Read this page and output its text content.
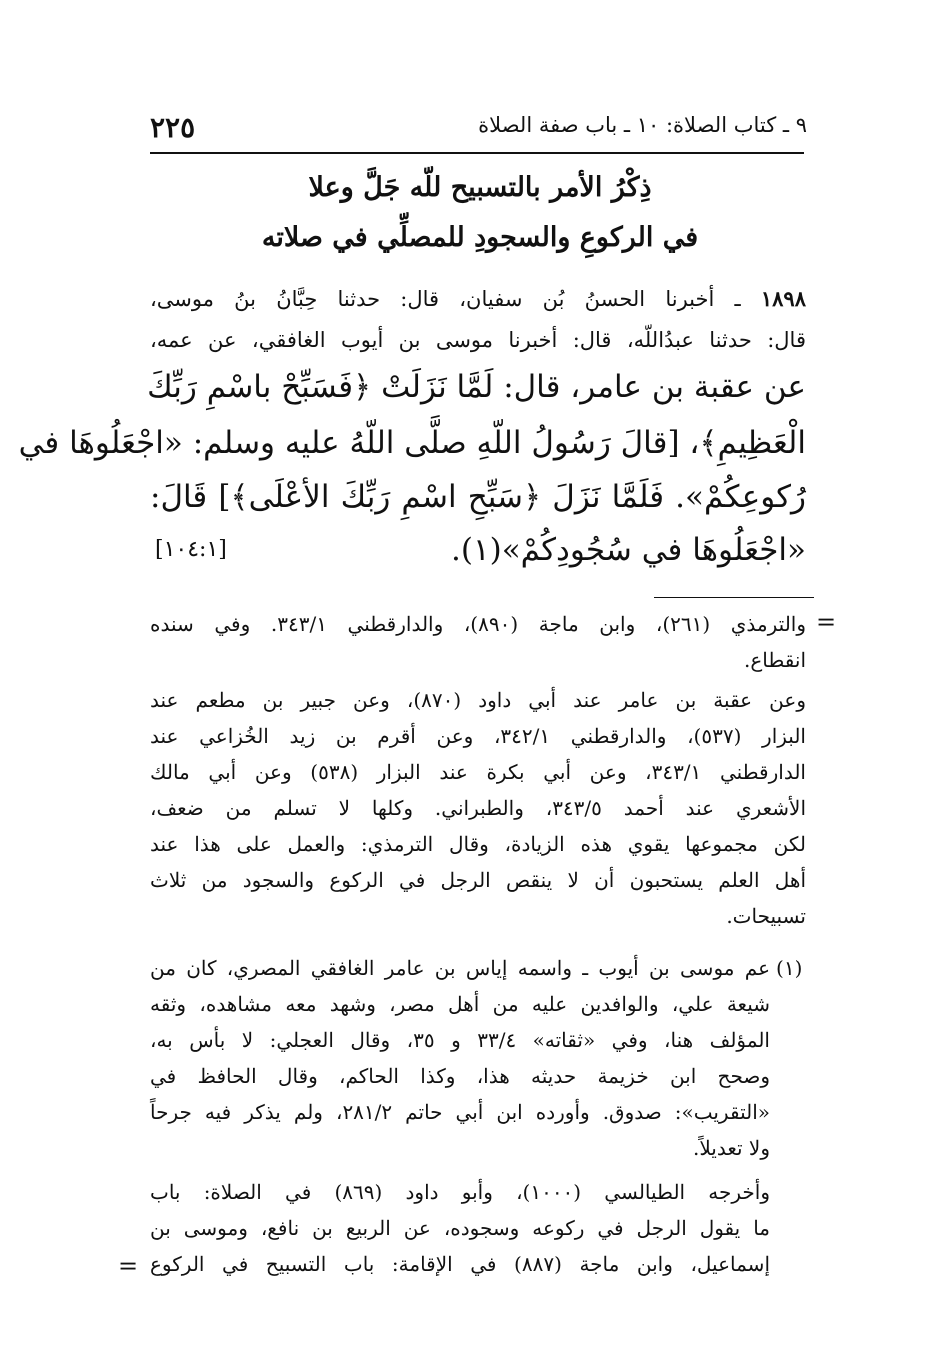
٩ ـ كتاب الصلاة: ١٠ ـ باب صفة الصلاة
٢٢٥
ذِكْرُ الأمر بالتسبيح للّه جَلَّ وعلا
في الركوعِ والسجودِ للمصلِّي في صلاته
١٨٩٨ ـ أخبرنا الحسنُ بُن سفيان، قال: حدثنا حِبَّانُ بنُ موسى،
قال: حدثنا عبدُاللّه، قال: أخبرنا موسى بن أيوب الغافقي، عن عمه،
عن عقبة بن عامر، قال: لَمَّا نَزَلَتْ ﴿فَسَبِّحْ باسْمِ رَبِّكَ
الْعَظِيمِ﴾، [قالَ رَسُولُ اللّهِ صلَّى اللّهُ عليه وسلم: «اجْعَلُوهَا في
رُكوعِكُمْ». فَلَمَّا نَزَلَ ﴿سَبِّحِ اسْمِ رَبِّكَ الأعْلَى﴾] قَالَ:
«اجْعَلُوهَا في سُجُودِكُمْ»(١).
[١٠٤:١]
=
والترمذي (٢٦١)، وابن ماجة (٨٩٠)، والدارقطني ٣٤٣/١. وفي سنده
انقطاع.
وعن عقبة بن عامر عند أبي داود (٨٧٠)، وعن جبير بن مطعم عند
البزار (٥٣٧)، والدارقطني ٣٤٢/١، وعن أقرم بن زيد الخُزاعي عند
الدارقطني ٣٤٣/١، وعن أبي بكرة عند البزار (٥٣٨) وعن أبي مالك
الأشعري عند أحمد ٣٤٣/٥، والطبراني. وكلها لا تسلم من ضعف،
لكن مجموعها يقوي هذه الزيادة، وقال الترمذي: والعمل على هذا عند
أهل العلم يستحبون أن لا ينقص الرجل في الركوع والسجود من ثلاث
تسبيحات.
(١)
عم موسى بن أيوب ـ واسمه إياس بن عامر الغافقي المصري، كان من
شيعة علي، والوافدين عليه من أهل مصر، وشهد معه مشاهده، وثقه
المؤلف هنا، وفي «ثقاته» ٣٣/٤ و ٣٥، وقال العجلي: لا بأس به،
وصحح ابن خزيمة حديثه هذا، وكذا الحاكم، وقال الحافظ في
«التقريب»: صدوق. وأورده ابن أبي حاتم ٢٨١/٢، ولم يذكر فيه جرحاً
ولا تعديلاً.
وأخرجه الطيالسي (١٠٠٠)، وأبو داود (٨٦٩) في الصلاة: باب
ما يقول الرجل في ركوعه وسجوده، عن الربيع بن نافع، وموسى بن
إسماعيل، وابن ماجة (٨٨٧) في الإقامة: باب التسبيح في الركوع
=
